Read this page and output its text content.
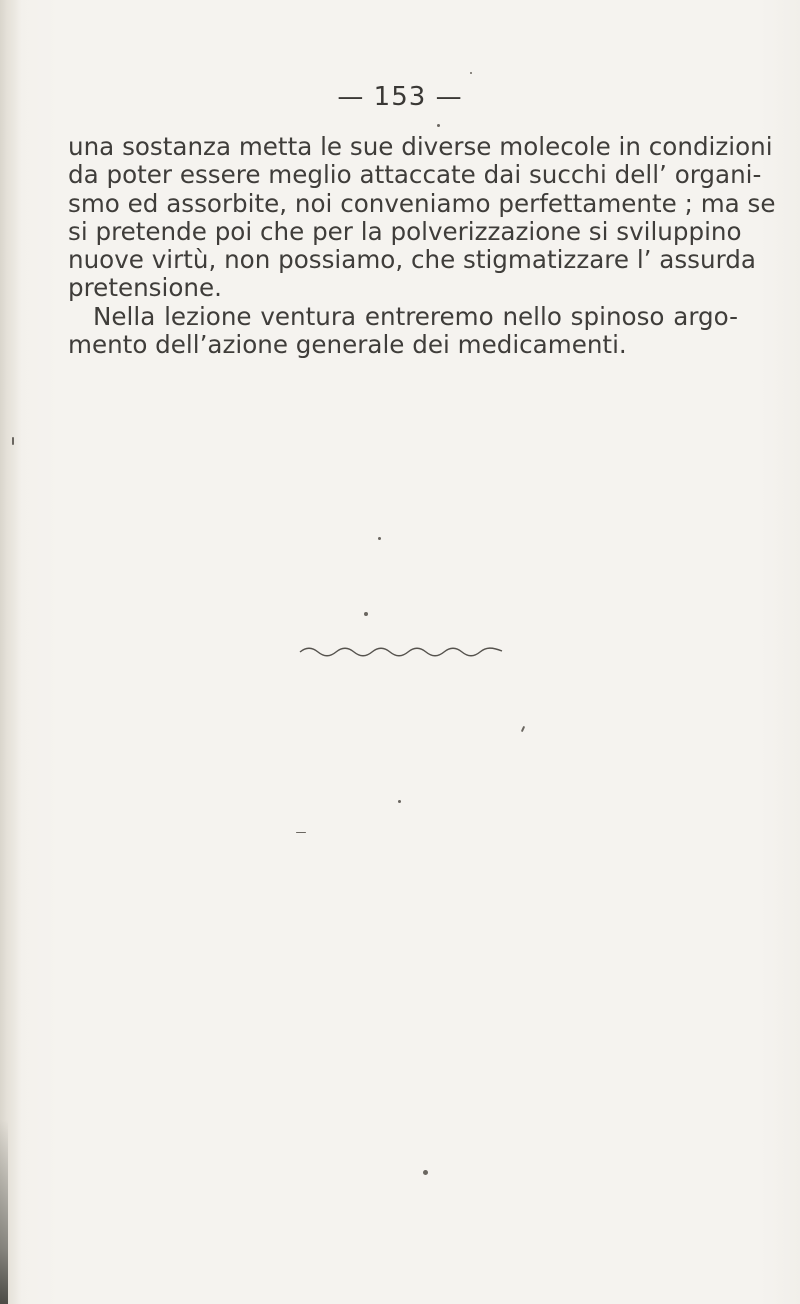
— 153 —
una sostanza metta le sue diverse molecole in condizioni
da poter essere meglio attaccate dai succhi dell’ organi-
smo ed assorbite, noi conveniamo perfettamente ; ma se
si pretende poi che per la polverizzazione si sviluppino
nuove virtù, non possiamo, che stigmatizzare l’ assurda
pretensione.
Nella lezione ventura entreremo nello spinoso argo-
mento dell’azione generale dei medicamenti.
